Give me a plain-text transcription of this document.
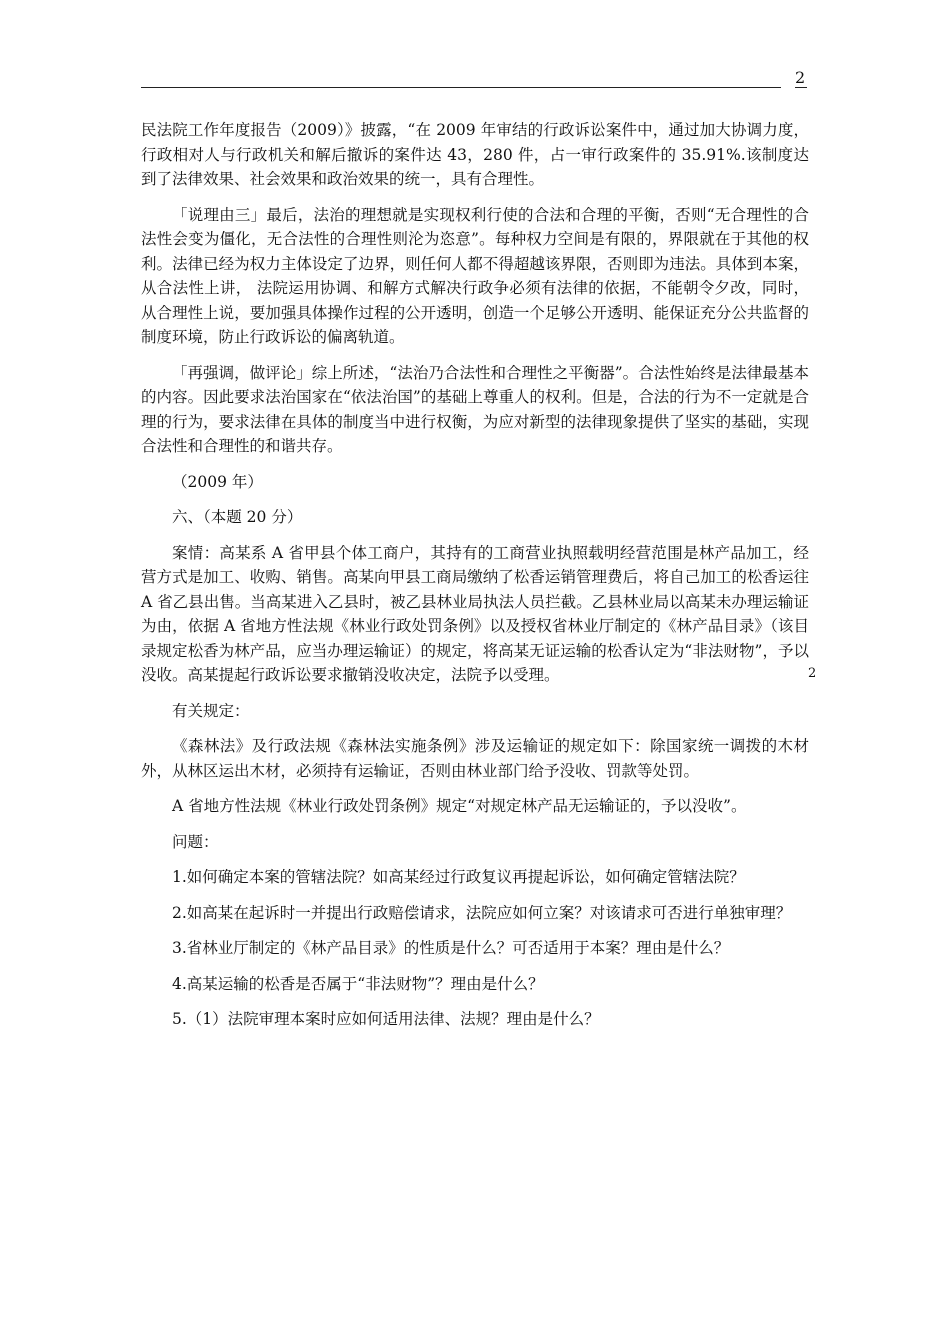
2
2

民法院工作年度报告（2009）》披露，“在 2009 年审结的行政诉讼案件中，通过加大协调力度，行政相对人与行政机关和解后撤诉的案件达 43，280 件，占一审行政案件的 35.91%.该制度达到了法律效果、社会效果和政治效果的统一，具有合理性。

「说理由三」最后，法治的理想就是实现权利行使的合法和合理的平衡，否则“无合理性的合法性会变为僵化，无合法性的合理性则沦为恣意”。每种权力空间是有限的，界限就在于其他的权利。法律已经为权力主体设定了边界，则任何人都不得超越该界限，否则即为违法。具体到本案，从合法性上讲， 法院运用协调、和解方式解决行政争必须有法律的依据，不能朝令夕改，同时，从合理性上说，要加强具体操作过程的公开透明，创造一个足够公开透明、能保证充分公共监督的制度环境，防止行政诉讼的偏离轨道。

「再强调，做评论」综上所述，“法治乃合法性和合理性之平衡器”。合法性始终是法律最基本的内容。因此要求法治国家在“依法治国”的基础上尊重人的权利。但是，合法的行为不一定就是合理的行为，要求法律在具体的制度当中进行权衡，为应对新型的法律现象提供了坚实的基础，实现合法性和合理性的和谐共存。

（2009 年）

六、（本题 20 分）

案情：高某系 A 省甲县个体工商户，其持有的工商营业执照载明经营范围是林产品加工，经营方式是加工、收购、销售。高某向甲县工商局缴纳了松香运销管理费后，将自己加工的松香运往 A 省乙县出售。当高某进入乙县时，被乙县林业局执法人员拦截。乙县林业局以高某未办理运输证为由，依据 A 省地方性法规《林业行政处罚条例》以及授权省林业厅制定的《林产品目录》（该目录规定松香为林产品，应当办理运输证）的规定，将高某无证运输的松香认定为“非法财物”，予以没收。高某提起行政诉讼要求撤销没收决定，法院予以受理。

有关规定：

《森林法》及行政法规《森林法实施条例》涉及运输证的规定如下：除国家统一调拨的木材外，从林区运出木材，必须持有运输证，否则由林业部门给予没收、罚款等处罚。

A 省地方性法规《林业行政处罚条例》规定“对规定林产品无运输证的，予以没收”。

问题：

1.如何确定本案的管辖法院？如高某经过行政复议再提起诉讼，如何确定管辖法院？

2.如高某在起诉时一并提出行政赔偿请求，法院应如何立案？对该请求可否进行单独审理？

3.省林业厅制定的《林产品目录》的性质是什么？可否适用于本案？理由是什么？

4.高某运输的松香是否属于“非法财物”？理由是什么？

5.（1）法院审理本案时应如何适用法律、法规？理由是什么？
